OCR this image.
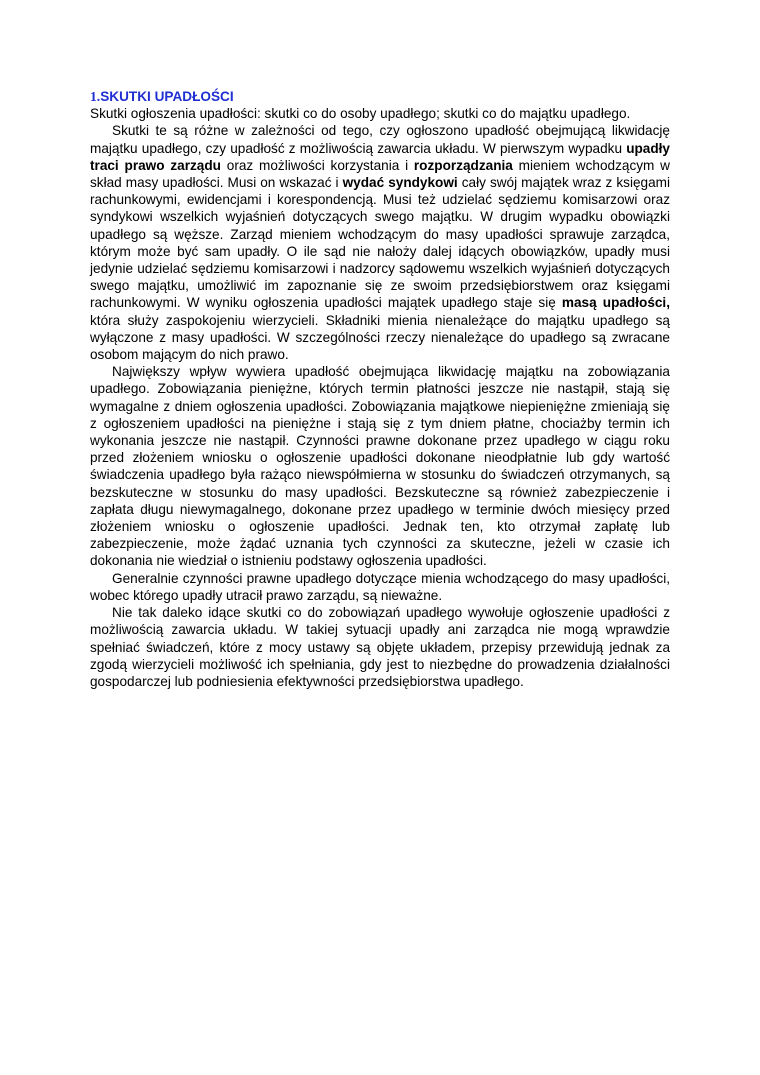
1.SKUTKI UPADŁOŚCI

Skutki ogłoszenia upadłości: skutki co do osoby upadłego; skutki co do majątku upadłego.

Skutki te są różne w zależności od tego, czy ogłoszono upadłość obejmującą likwidację majątku upadłego, czy upadłość z możliwością zawarcia układu. W pierwszym wypadku upadły traci prawo zarządu oraz możliwości korzystania i rozporządzania mieniem wchodzącym w skład masy upadłości. Musi on wskazać i wydać syndykowi cały swój majątek wraz z księgami rachunkowymi, ewidencjami i korespondencją. Musi też udzielać sędziemu komisarzowi oraz syndykowi wszelkich wyjaśnień dotyczących swego majątku. W drugim wypadku obowiązki upadłego są węższe. Zarząd mieniem wchodzącym do masy upadłości sprawuje zarządca, którym może być sam upadły. O ile sąd nie nałoży dalej idących obowiązków, upadły musi jedynie udzielać sędziemu komisarzowi i nadzorcy sądowemu wszelkich wyjaśnień dotyczących swego majątku, umożliwić im zapoznanie się ze swoim przedsiębiorstwem oraz księgami rachunkowymi. W wyniku ogłoszenia upadłości majątek upadłego staje się masą upadłości, która służy zaspokojeniu wierzycieli. Składniki mienia nienależące do majątku upadłego są wyłączone z masy upadłości. W szczególności rzeczy nienależące do upadłego są zwracane osobom mającym do nich prawo.

Największy wpływ wywiera upadłość obejmująca likwidację majątku na zobowiązania upadłego. Zobowiązania pieniężne, których termin płatności jeszcze nie nastąpił, stają się wymagalne z dniem ogłoszenia upadłości. Zobowiązania majątkowe niepieniężne zmieniają się z ogłoszeniem upadłości na pieniężne i stają się z tym dniem płatne, chociażby termin ich wykonania jeszcze nie nastąpił. Czynności prawne dokonane przez upadłego w ciągu roku przed złożeniem wniosku o ogłoszenie upadłości dokonane nieodpłatnie lub gdy wartość świadczenia upadłego była rażąco niewspółmierna w stosunku do świadczeń otrzymanych, są bezskuteczne w stosunku do masy upadłości. Bezskuteczne są również zabezpieczenie i zapłata długu niewymagalnego, dokonane przez upadłego w terminie dwóch miesięcy przed złożeniem wniosku o ogłoszenie upadłości. Jednak ten, kto otrzymał zapłatę lub zabezpieczenie, może żądać uznania tych czynności za skuteczne, jeżeli w czasie ich dokonania nie wiedział o istnieniu podstawy ogłoszenia upadłości.

Generalnie czynności prawne upadłego dotyczące mienia wchodzącego do masy upadłości, wobec którego upadły utracił prawo zarządu, są nieważne.

Nie tak daleko idące skutki co do zobowiązań upadłego wywołuje ogłoszenie upadłości z możliwością zawarcia układu. W takiej sytuacji upadły ani zarządca nie mogą wprawdzie spełniać świadczeń, które z mocy ustawy są objęte układem, przepisy przewidują jednak za zgodą wierzycieli możliwość ich spełniania, gdy jest to niezbędne do prowadzenia działalności gospodarczej lub podniesienia efektywności przedsiębiorstwa upadłego.
